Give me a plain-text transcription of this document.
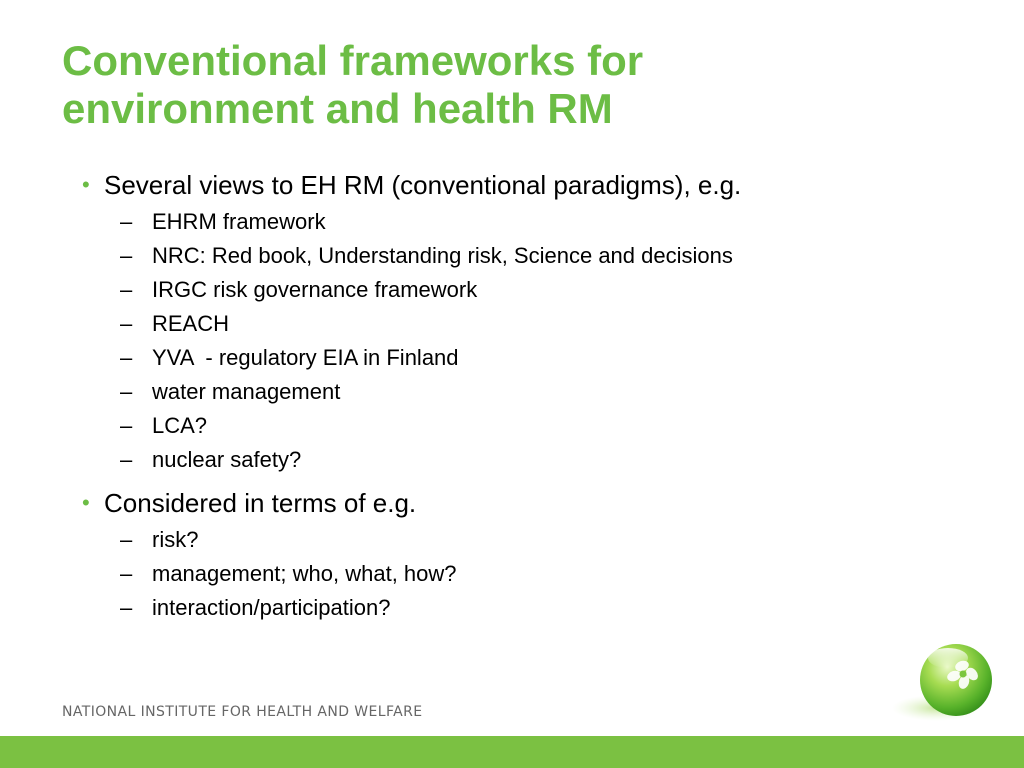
Conventional frameworks for
environment and health RM
• Several views to EH RM (conventional paradigms), e.g.
– EHRM framework
– NRC: Red book, Understanding risk, Science and decisions
– IRGC risk governance framework
– REACH
– YVA  - regulatory EIA in Finland
– water management
– LCA?
– nuclear safety?
• Considered in terms of e.g.
– risk?
– management; who, what, how?
– interaction/participation?
NATIONAL INSTITUTE FOR HEALTH AND WELFARE
